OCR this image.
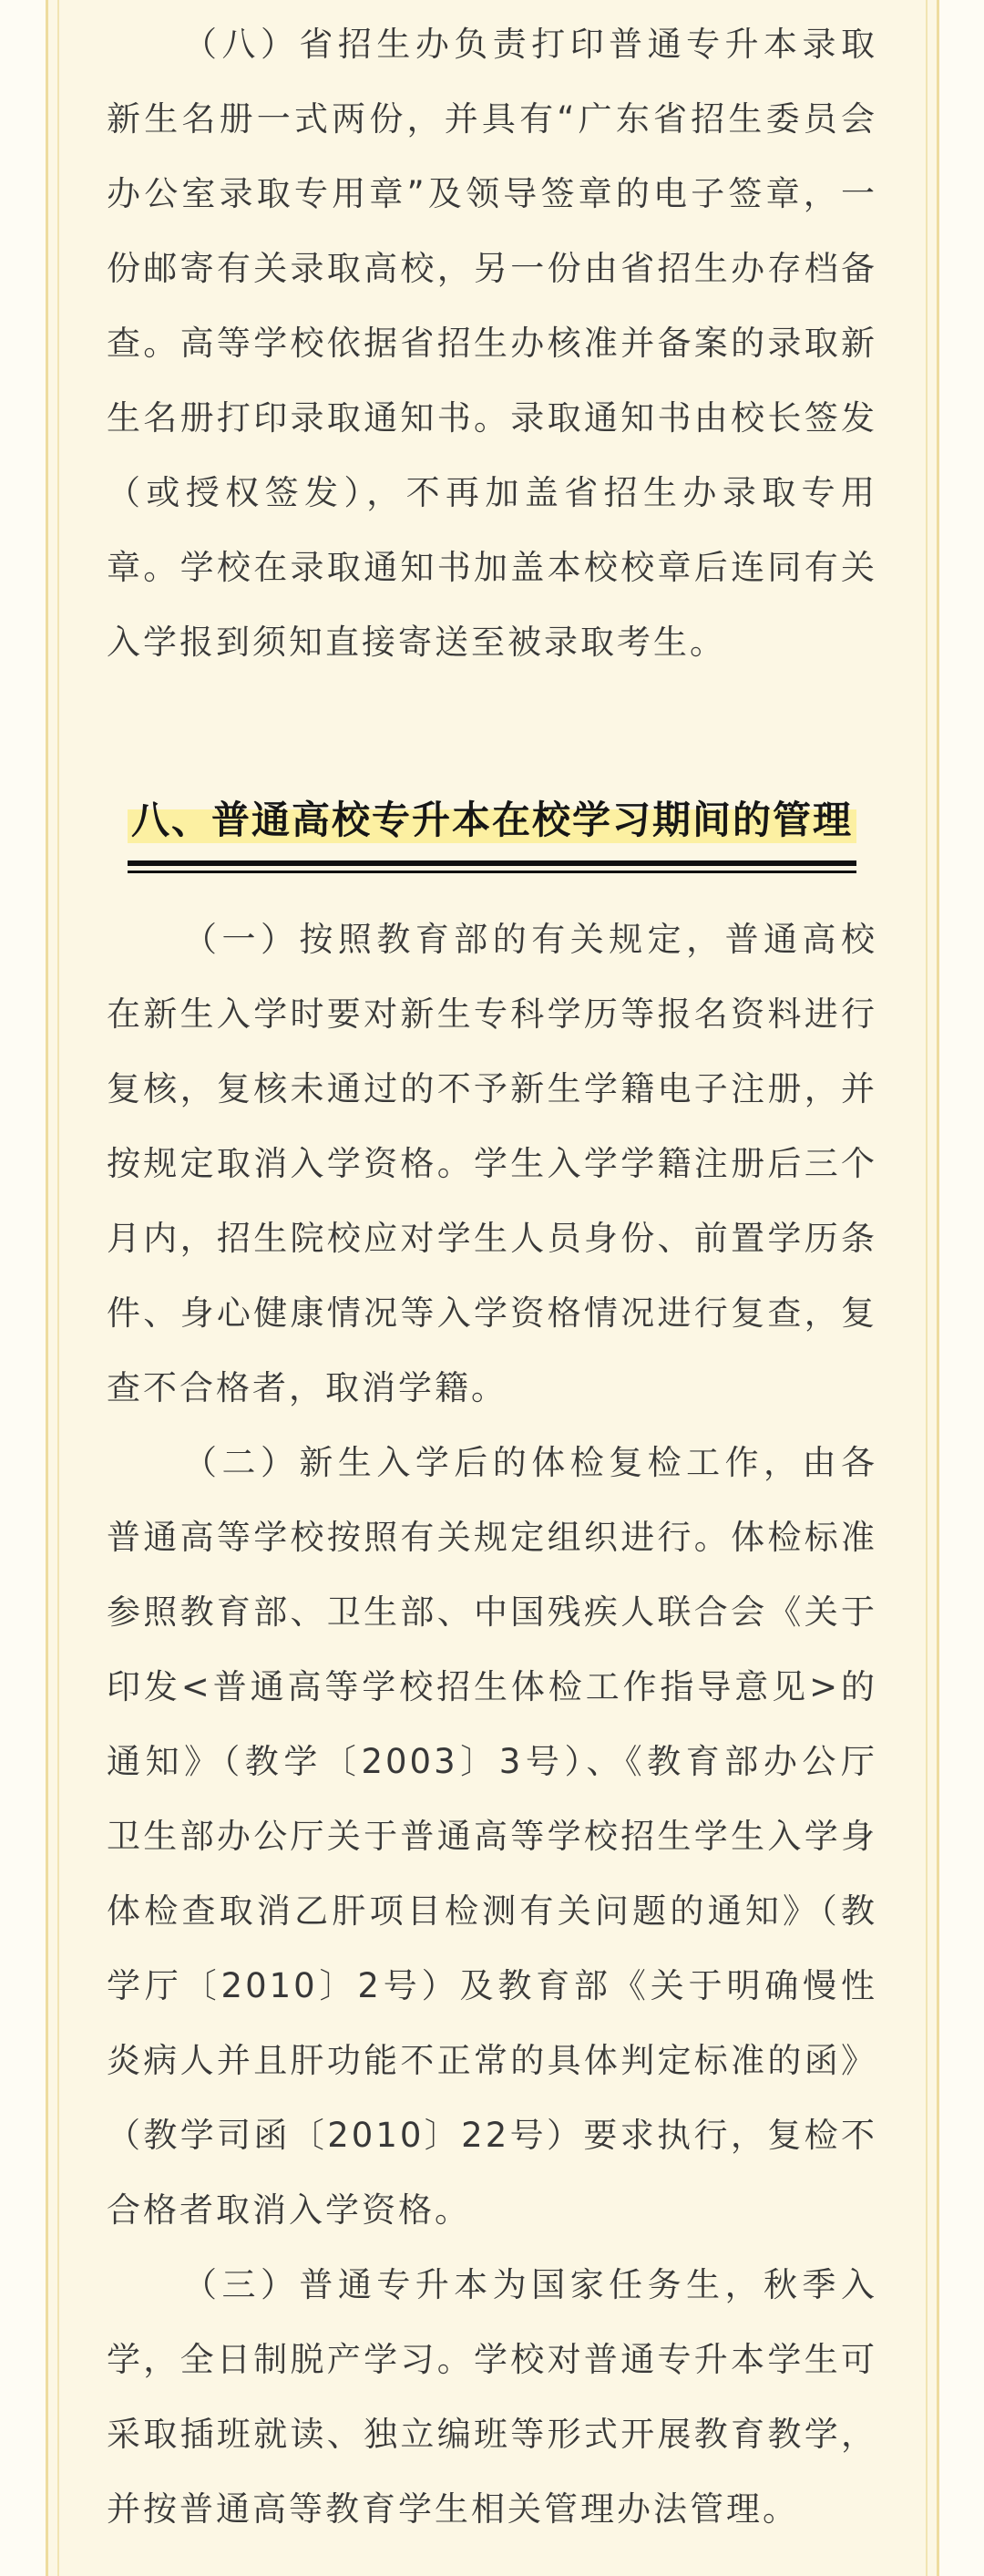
（八）省招生办负责打印普通专升本录取
新生名册一式两份，并具有“广东省招生委员会
办公室录取专用章”及领导签章的电子签章，一
份邮寄有关录取高校，另一份由省招生办存档备
查。高等学校依据省招生办核准并备案的录取新
生名册打印录取通知书。录取通知书由校长签发
（或授权签发），不再加盖省招生办录取专用
章。学校在录取通知书加盖本校校章后连同有关
入学报到须知直接寄送至被录取考生。
八、普通高校专升本在校学习期间的管理
（一）按照教育部的有关规定，普通高校
在新生入学时要对新生专科学历等报名资料进行
复核，复核未通过的不予新生学籍电子注册，并
按规定取消入学资格。学生入学学籍注册后三个
月内，招生院校应对学生人员身份、前置学历条
件、身心健康情况等入学资格情况进行复查，复
查不合格者，取消学籍。
（二）新生入学后的体检复检工作，由各
普通高等学校按照有关规定组织进行。体检标准
参照教育部、卫生部、中国残疾人联合会《关于
印发<普通高等学校招生体检工作指导意见>的
通知》（教学〔2003〕3号）、《教育部办公厅
卫生部办公厅关于普通高等学校招生学生入学身
体检查取消乙肝项目检测有关问题的通知》（教
学厅〔2010〕2号）及教育部《关于明确慢性
炎病人并且肝功能不正常的具体判定标准的函》
（教学司函〔2010〕22号）要求执行，复检不
合格者取消入学资格。
（三）普通专升本为国家任务生，秋季入
学，全日制脱产学习。学校对普通专升本学生可
采取插班就读、独立编班等形式开展教育教学，
并按普通高等教育学生相关管理办法管理。
